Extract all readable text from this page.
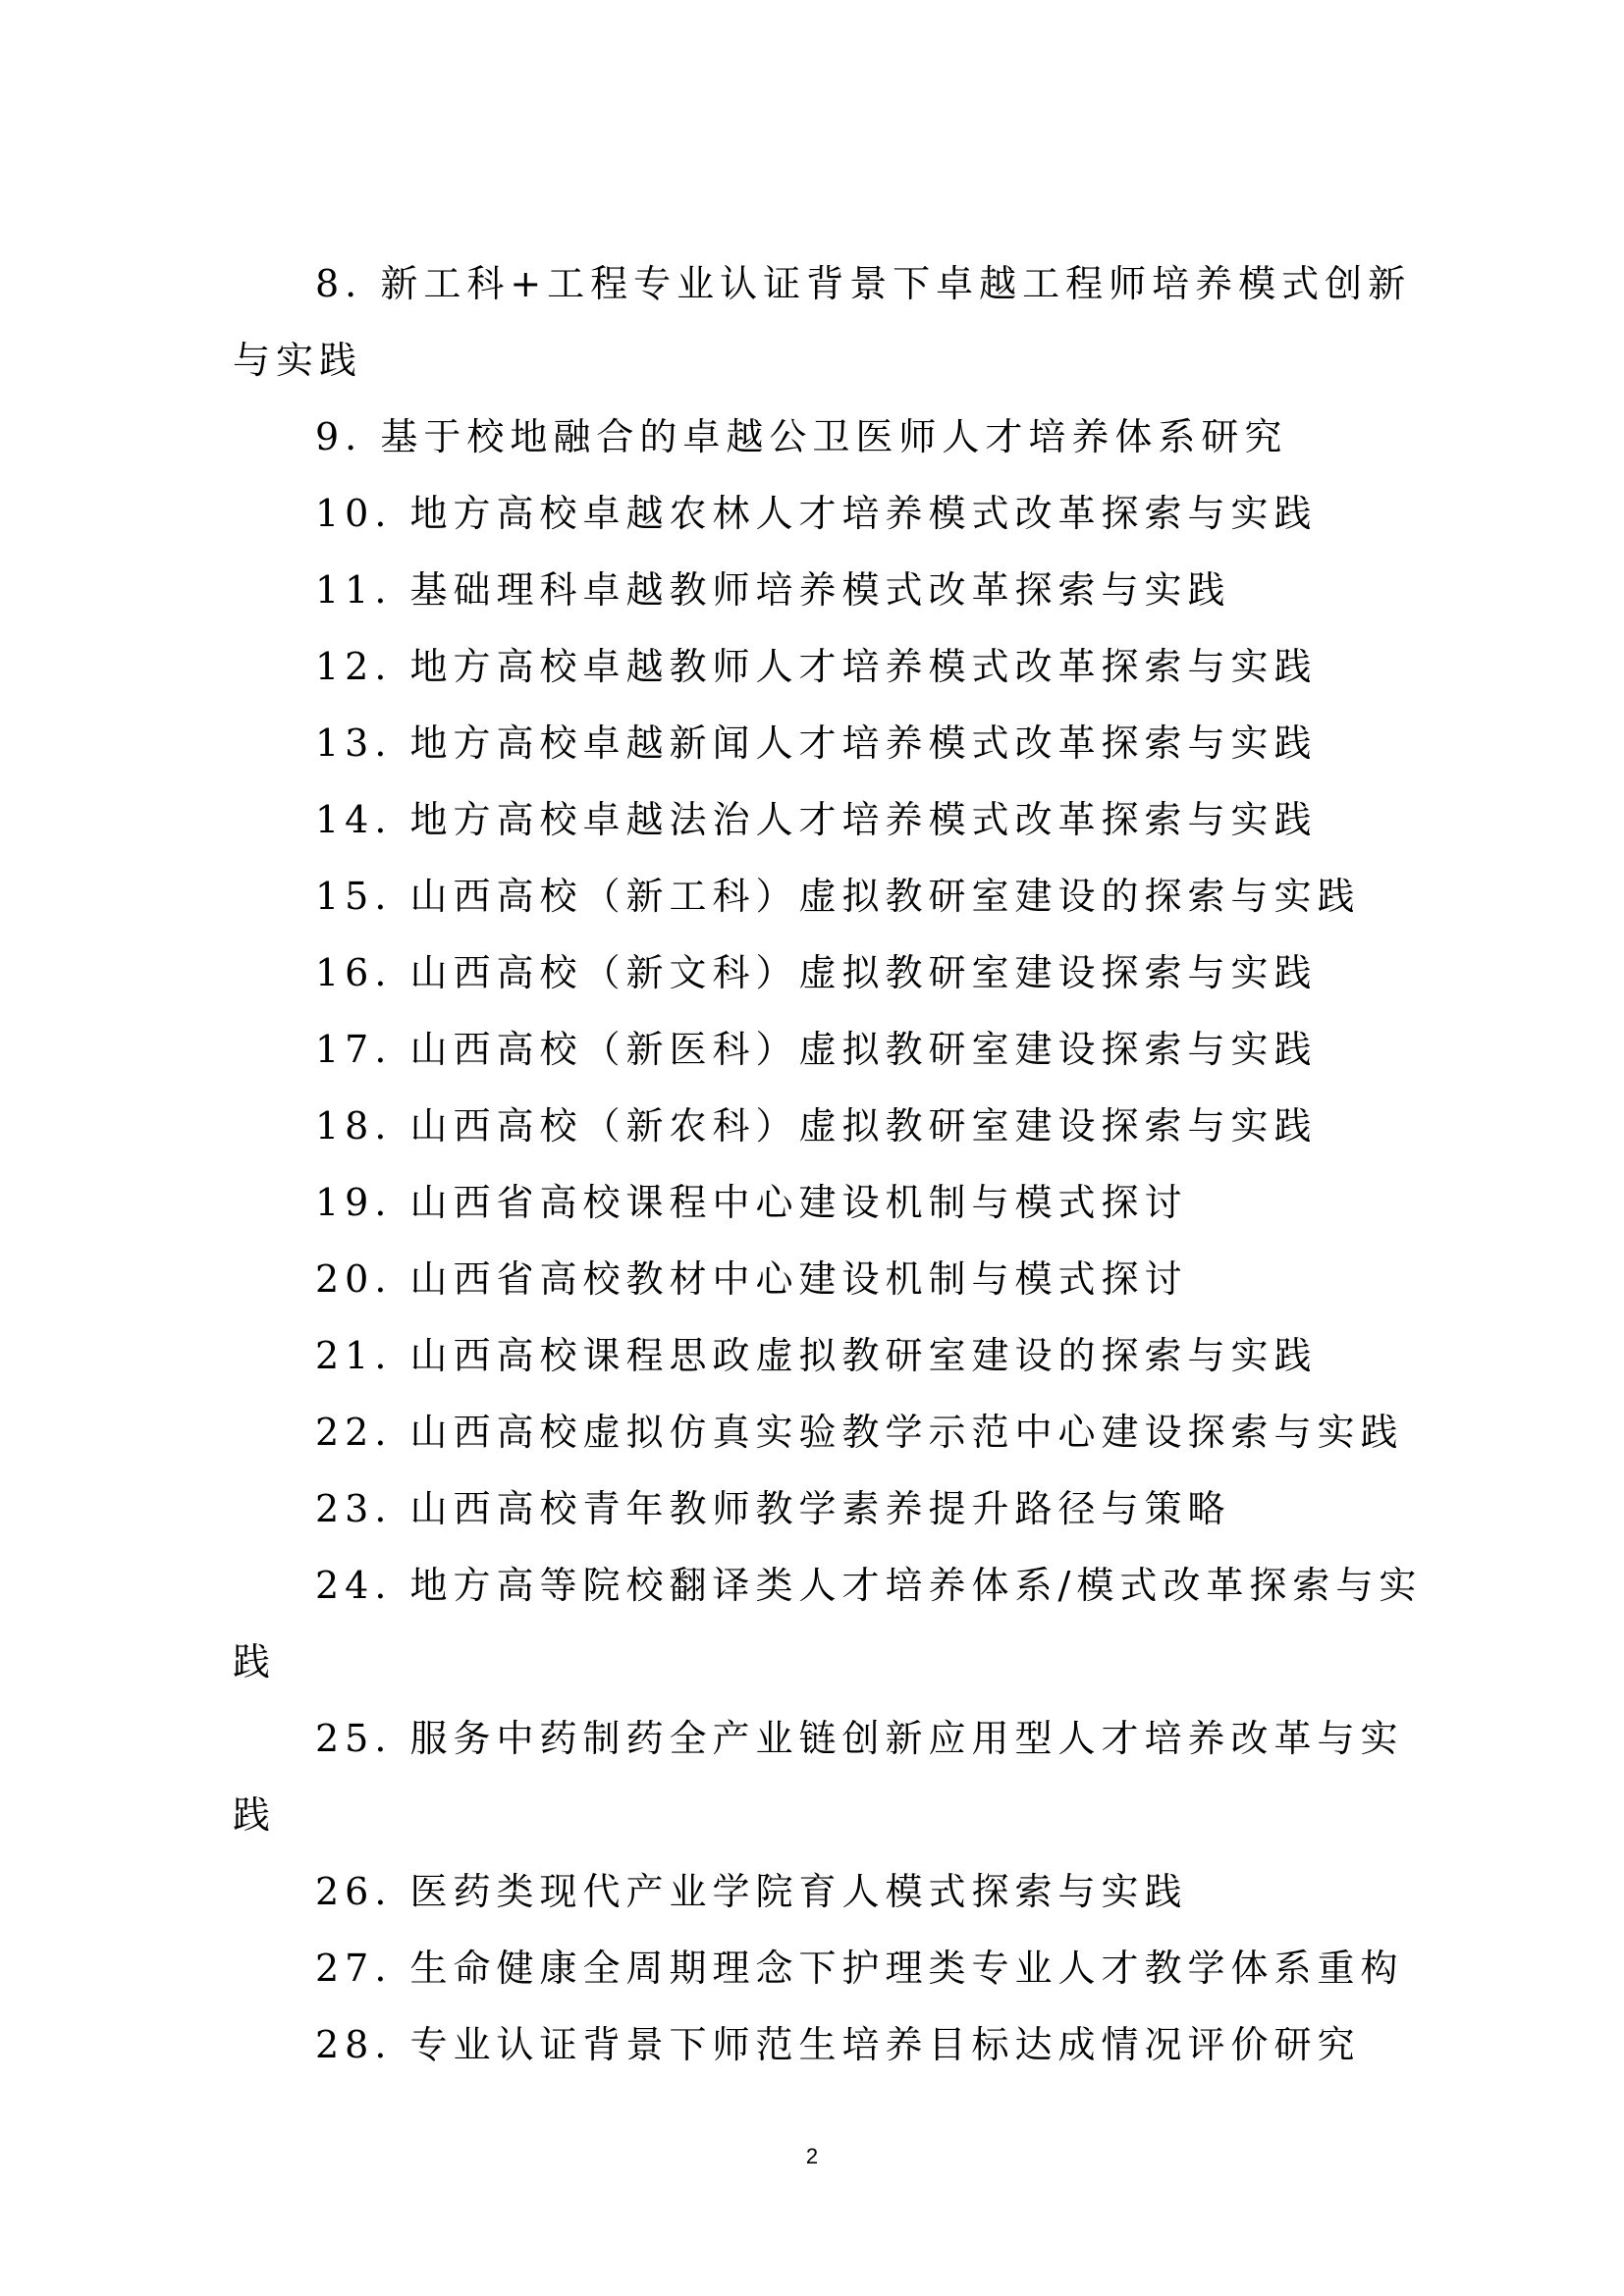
8. 新工科+工程专业认证背景下卓越工程师培养模式创新与实践

9. 基于校地融合的卓越公卫医师人才培养体系研究

10. 地方高校卓越农林人才培养模式改革探索与实践

11. 基础理科卓越教师培养模式改革探索与实践

12. 地方高校卓越教师人才培养模式改革探索与实践

13. 地方高校卓越新闻人才培养模式改革探索与实践

14. 地方高校卓越法治人才培养模式改革探索与实践

15. 山西高校（新工科）虚拟教研室建设的探索与实践

16. 山西高校（新文科）虚拟教研室建设探索与实践

17. 山西高校（新医科）虚拟教研室建设探索与实践

18. 山西高校（新农科）虚拟教研室建设探索与实践

19. 山西省高校课程中心建设机制与模式探讨

20. 山西省高校教材中心建设机制与模式探讨

21. 山西高校课程思政虚拟教研室建设的探索与实践

22. 山西高校虚拟仿真实验教学示范中心建设探索与实践

23. 山西高校青年教师教学素养提升路径与策略

24. 地方高等院校翻译类人才培养体系/模式改革探索与实践

25. 服务中药制药全产业链创新应用型人才培养改革与实践

26. 医药类现代产业学院育人模式探索与实践

27. 生命健康全周期理念下护理类专业人才教学体系重构

28. 专业认证背景下师范生培养目标达成情况评价研究

2
